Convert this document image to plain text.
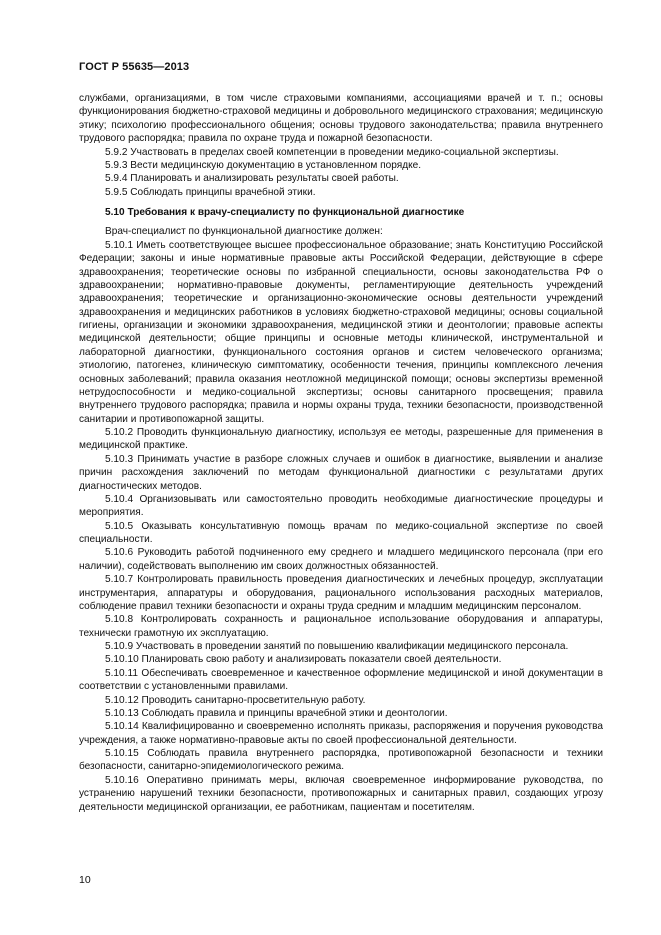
ГОСТ Р 55635—2013

службами, организациями, в том числе страховыми компаниями, ассоциациями врачей и т. п.; основы функционирования бюджетно-страховой медицины и добровольного медицинского страхования; медицинскую этику; психологию профессионального общения; основы трудового законодательства; правила внутреннего трудового распорядка; правила по охране труда и пожарной безопасности.

5.9.2 Участвовать в пределах своей компетенции в проведении медико-социальной экспертизы.

5.9.3 Вести медицинскую документацию в установленном порядке.

5.9.4 Планировать и анализировать результаты своей работы.

5.9.5 Соблюдать принципы врачебной этики.

5.10 Требования к врачу-специалисту по функциональной диагностике

Врач-специалист по функциональной диагностике должен:

5.10.1 Иметь соответствующее высшее профессиональное образование; знать Конституцию Российской Федерации; законы и иные нормативные правовые акты Российской Федерации, действующие в сфере здравоохранения; теоретические основы по избранной специальности, основы законодательства РФ о здравоохранении; нормативно-правовые документы, регламентирующие деятельность учреждений здравоохранения; теоретические и организационно-экономические основы деятельности учреждений здравоохранения и медицинских работников в условиях бюджетно-страховой медицины; основы социальной гигиены, организации и экономики здравоохранения, медицинской этики и деонтологии; правовые аспекты медицинской деятельности; общие принципы и основные методы клинической, инструментальной и лабораторной диагностики, функционального состояния органов и систем человеческого организма; этиологию, патогенез, клиническую симптоматику, особенности течения, принципы комплексного лечения основных заболеваний; правила оказания неотложной медицинской помощи; основы экспертизы временной нетрудоспособности и медико-социальной экспертизы; основы санитарного просвещения; правила внутреннего трудового распорядка; правила и нормы охраны труда, техники безопасности, производственной санитарии и противопожарной защиты.

5.10.2 Проводить функциональную диагностику, используя ее методы, разрешенные для применения в медицинской практике.

5.10.3 Принимать участие в разборе сложных случаев и ошибок в диагностике, выявлении и анализе причин расхождения заключений по методам функциональной диагностики с результатами других диагностических методов.

5.10.4 Организовывать или самостоятельно проводить необходимые диагностические процедуры и мероприятия.

5.10.5 Оказывать консультативную помощь врачам по медико-социальной экспертизе по своей специальности.

5.10.6 Руководить работой подчиненного ему среднего и младшего медицинского персонала (при его наличии), содействовать выполнению им своих должностных обязанностей.

5.10.7 Контролировать правильность проведения диагностических и лечебных процедур, эксплуатации инструментария, аппаратуры и оборудования, рационального использования расходных материалов, соблюдение правил техники безопасности и охраны труда средним и младшим медицинским персоналом.

5.10.8 Контролировать сохранность и рациональное использование оборудования и аппаратуры, технически грамотную их эксплуатацию.

5.10.9 Участвовать в проведении занятий по повышению квалификации медицинского персонала.

5.10.10 Планировать свою работу и анализировать показатели своей деятельности.

5.10.11 Обеспечивать своевременное и качественное оформление медицинской и иной документации в соответствии с установленными правилами.

5.10.12 Проводить санитарно-просветительную работу.

5.10.13 Соблюдать правила и принципы врачебной этики и деонтологии.

5.10.14 Квалифицированно и своевременно исполнять приказы, распоряжения и поручения руководства учреждения, а также нормативно-правовые акты по своей профессиональной деятельности.

5.10.15 Соблюдать правила внутреннего распорядка, противопожарной безопасности и техники безопасности, санитарно-эпидемиологического режима.

5.10.16 Оперативно принимать меры, включая своевременное информирование руководства, по устранению нарушений техники безопасности, противопожарных и санитарных правил, создающих угрозу деятельности медицинской организации, ее работникам, пациентам и посетителям.

10
